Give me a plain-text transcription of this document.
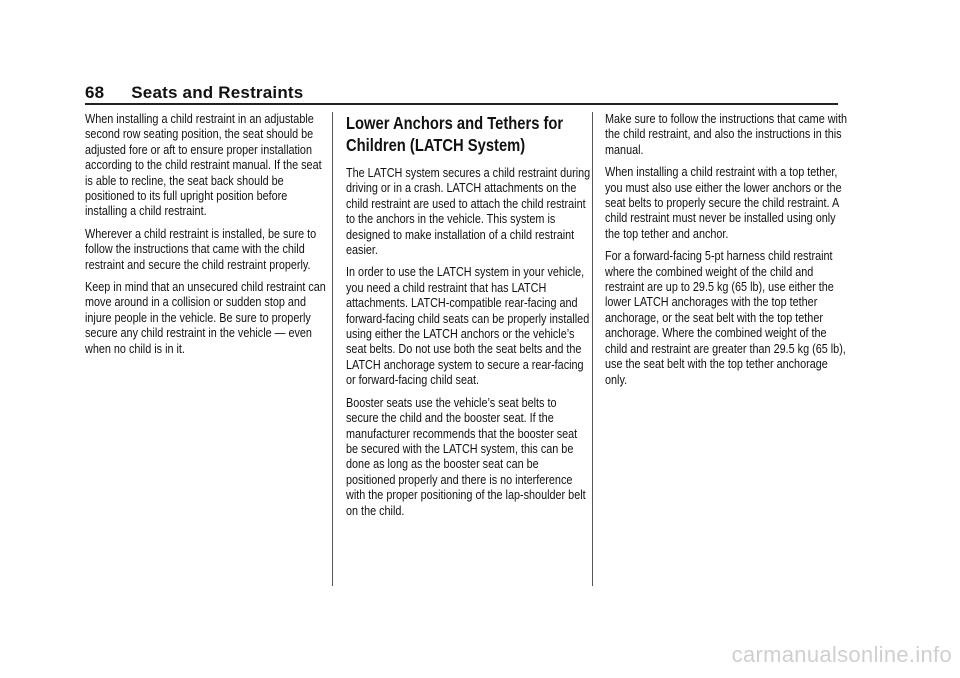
68 Seats and Restraints

When installing a child restraint in an adjustable second row seating position, the seat should be adjusted fore or aft to ensure proper installation according to the child restraint manual. If the seat is able to recline, the seat back should be positioned to its full upright position before installing a child restraint.

Wherever a child restraint is installed, be sure to follow the instructions that came with the child restraint and secure the child restraint properly.

Keep in mind that an unsecured child restraint can move around in a collision or sudden stop and injure people in the vehicle. Be sure to properly secure any child restraint in the vehicle — even when no child is in it.

Lower Anchors and Tethers for Children (LATCH System)

The LATCH system secures a child restraint during driving or in a crash. LATCH attachments on the child restraint are used to attach the child restraint to the anchors in the vehicle. This system is designed to make installation of a child restraint easier.

In order to use the LATCH system in your vehicle, you need a child restraint that has LATCH attachments. LATCH-compatible rear-facing and forward-facing child seats can be properly installed using either the LATCH anchors or the vehicle’s seat belts. Do not use both the seat belts and the LATCH anchorage system to secure a rear-facing or forward-facing child seat.

Booster seats use the vehicle’s seat belts to secure the child and the booster seat. If the manufacturer recommends that the booster seat be secured with the LATCH system, this can be done as long as the booster seat can be positioned properly and there is no interference with the proper positioning of the lap-shoulder belt on the child.

Make sure to follow the instructions that came with the child restraint, and also the instructions in this manual.

When installing a child restraint with a top tether, you must also use either the lower anchors or the seat belts to properly secure the child restraint. A child restraint must never be installed using only the top tether and anchor.

For a forward-facing 5-pt harness child restraint where the combined weight of the child and restraint are up to 29.5 kg (65 lb), use either the lower LATCH anchorages with the top tether anchorage, or the seat belt with the top tether anchorage. Where the combined weight of the child and restraint are greater than 29.5 kg (65 lb), use the seat belt with the top tether anchorage only.

carmanualsonline.info
